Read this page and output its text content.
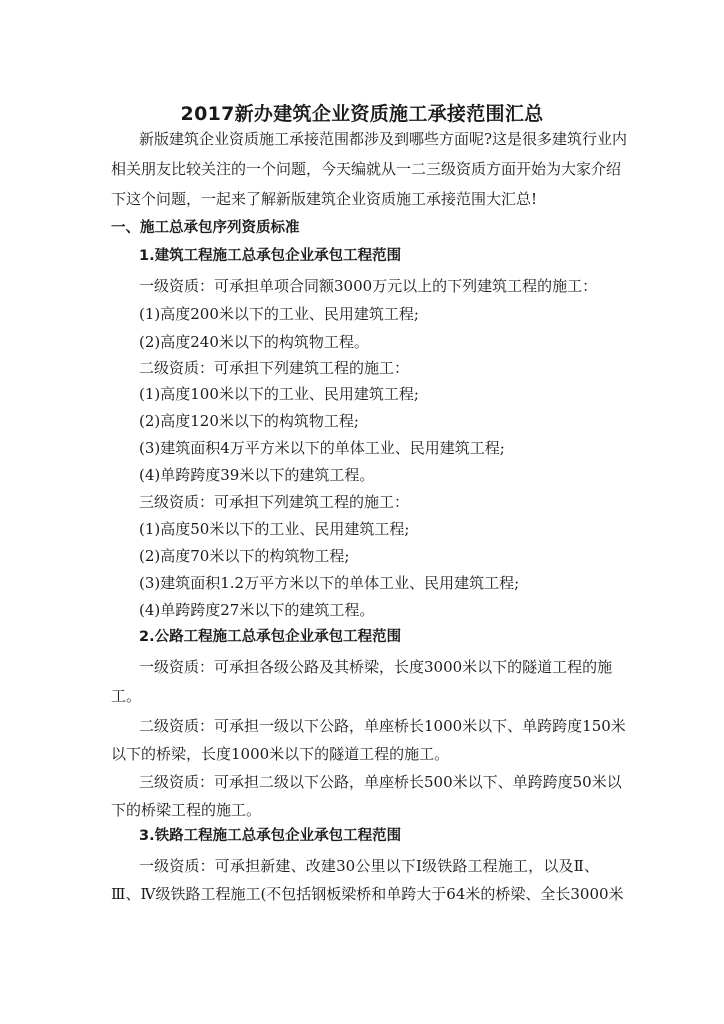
2017新办建筑企业资质施工承接范围汇总

新版建筑企业资质施工承接范围都涉及到哪些方面呢?这是很多建筑行业内

相关朋友比较关注的一个问题，今天编就从一二三级资质方面开始为大家介绍

下这个问题，一起来了解新版建筑企业资质施工承接范围大汇总!

一、施工总承包序列资质标准

1.建筑工程施工总承包企业承包工程范围

一级资质：可承担单项合同额3000万元以上的下列建筑工程的施工：

(1)高度200米以下的工业、民用建筑工程;

(2)高度240米以下的构筑物工程。

二级资质：可承担下列建筑工程的施工：

(1)高度100米以下的工业、民用建筑工程;

(2)高度120米以下的构筑物工程;

(3)建筑面积4万平方米以下的单体工业、民用建筑工程;

(4)单跨跨度39米以下的建筑工程。

三级资质：可承担下列建筑工程的施工：

(1)高度50米以下的工业、民用建筑工程;

(2)高度70米以下的构筑物工程;

(3)建筑面积1.2万平方米以下的单体工业、民用建筑工程;

(4)单跨跨度27米以下的建筑工程。

2.公路工程施工总承包企业承包工程范围

一级资质：可承担各级公路及其桥梁，长度3000米以下的隧道工程的施

工。

二级资质：可承担一级以下公路，单座桥长1000米以下、单跨跨度150米

以下的桥梁，长度1000米以下的隧道工程的施工。

三级资质：可承担二级以下公路，单座桥长500米以下、单跨跨度50米以

下的桥梁工程的施工。

3.铁路工程施工总承包企业承包工程范围

一级资质：可承担新建、改建30公里以下Ⅰ级铁路工程施工，以及Ⅱ、

Ⅲ、Ⅳ级铁路工程施工(不包括钢板梁桥和单跨大于64米的桥梁、全长3000米
